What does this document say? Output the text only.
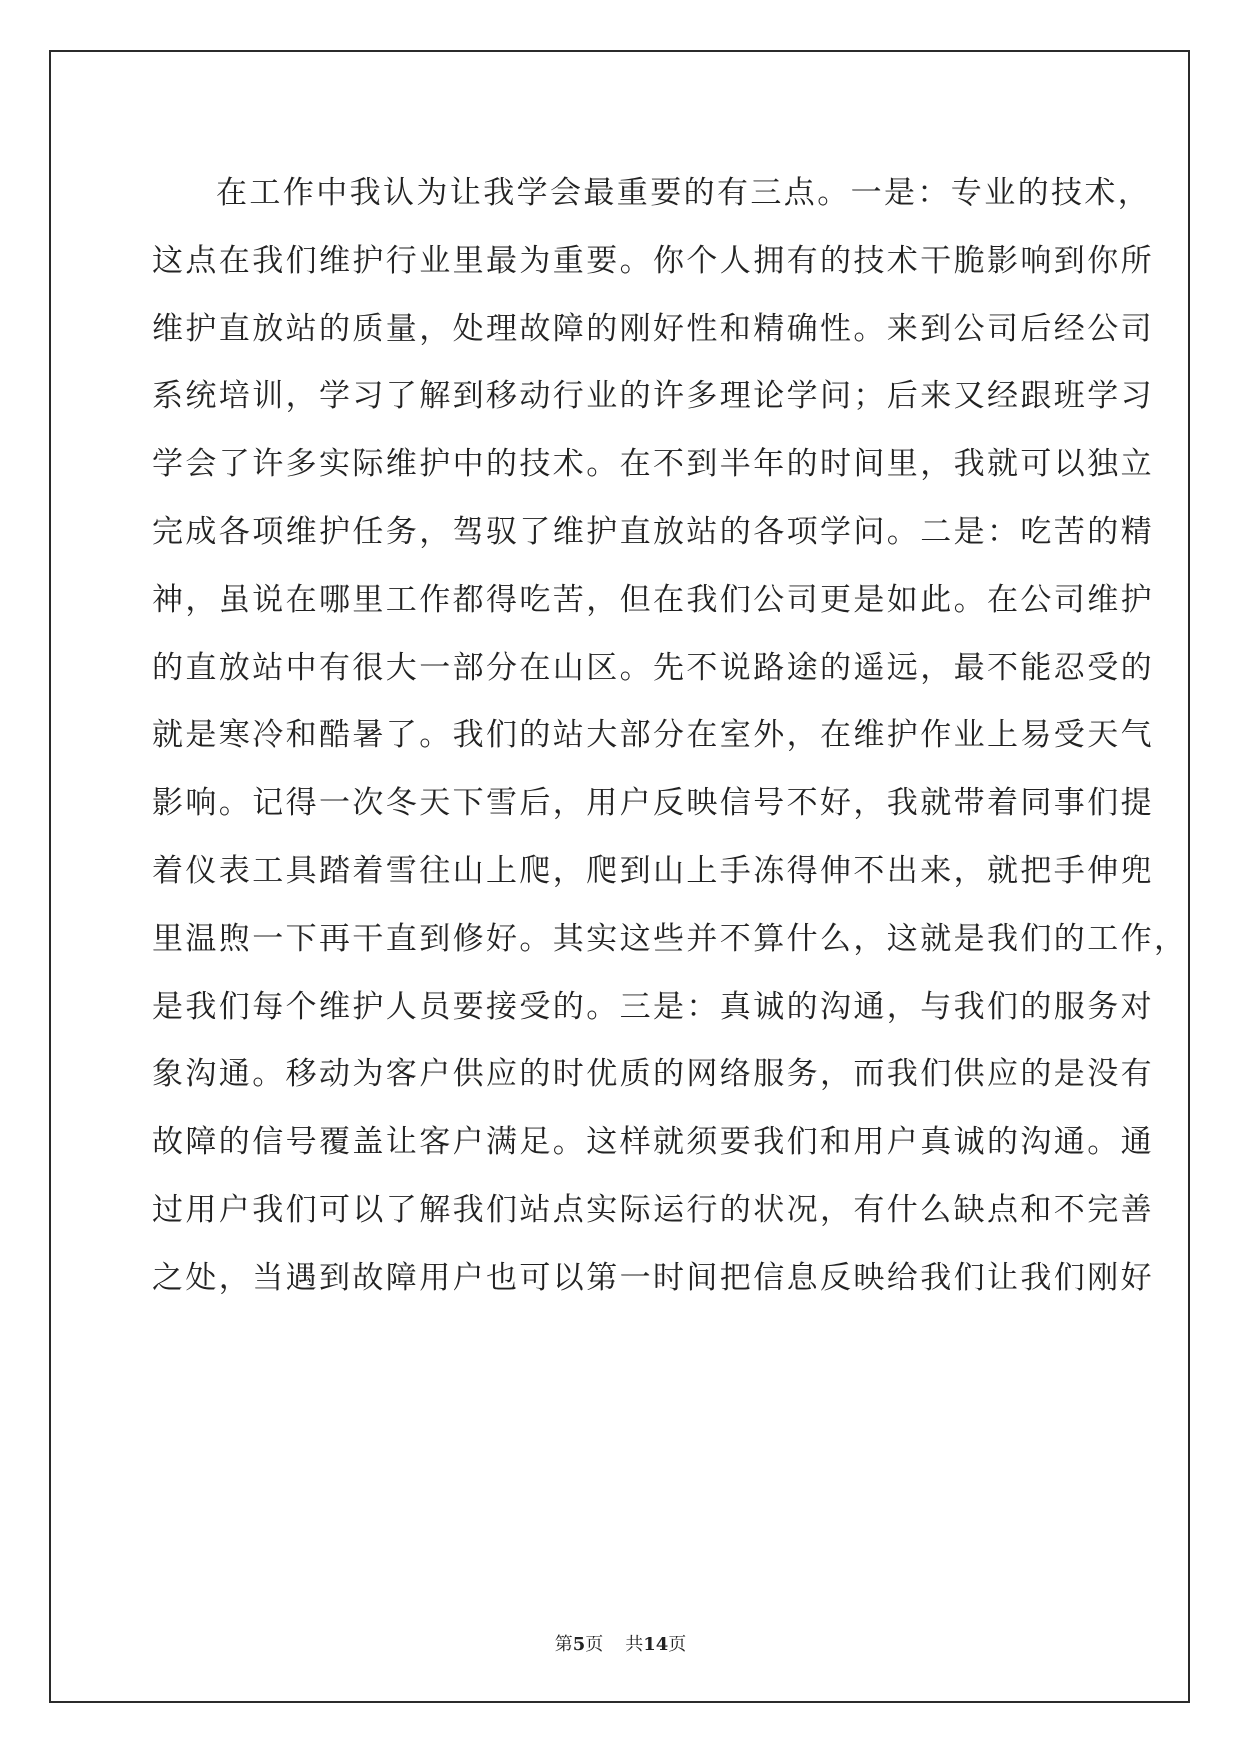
在工作中我认为让我学会最重要的有三点。一是：专业的技术，
这点在我们维护行业里最为重要。你个人拥有的技术干脆影响到你所
维护直放站的质量，处理故障的刚好性和精确性。来到公司后经公司
系统培训，学习了解到移动行业的许多理论学问；后来又经跟班学习
学会了许多实际维护中的技术。在不到半年的时间里，我就可以独立
完成各项维护任务，驾驭了维护直放站的各项学问。二是：吃苦的精
神，虽说在哪里工作都得吃苦，但在我们公司更是如此。在公司维护
的直放站中有很大一部分在山区。先不说路途的遥远，最不能忍受的
就是寒冷和酷暑了。我们的站大部分在室外，在维护作业上易受天气
影响。记得一次冬天下雪后，用户反映信号不好，我就带着同事们提
着仪表工具踏着雪往山上爬，爬到山上手冻得伸不出来，就把手伸兜
里温煦一下再干直到修好。其实这些并不算什么，这就是我们的工作，
是我们每个维护人员要接受的。三是：真诚的沟通，与我们的服务对
象沟通。移动为客户供应的时优质的网络服务，而我们供应的是没有
故障的信号覆盖让客户满足。这样就须要我们和用户真诚的沟通。通
过用户我们可以了解我们站点实际运行的状况，有什么缺点和不完善
之处，当遇到故障用户也可以第一时间把信息反映给我们让我们刚好
第5页 共14页
